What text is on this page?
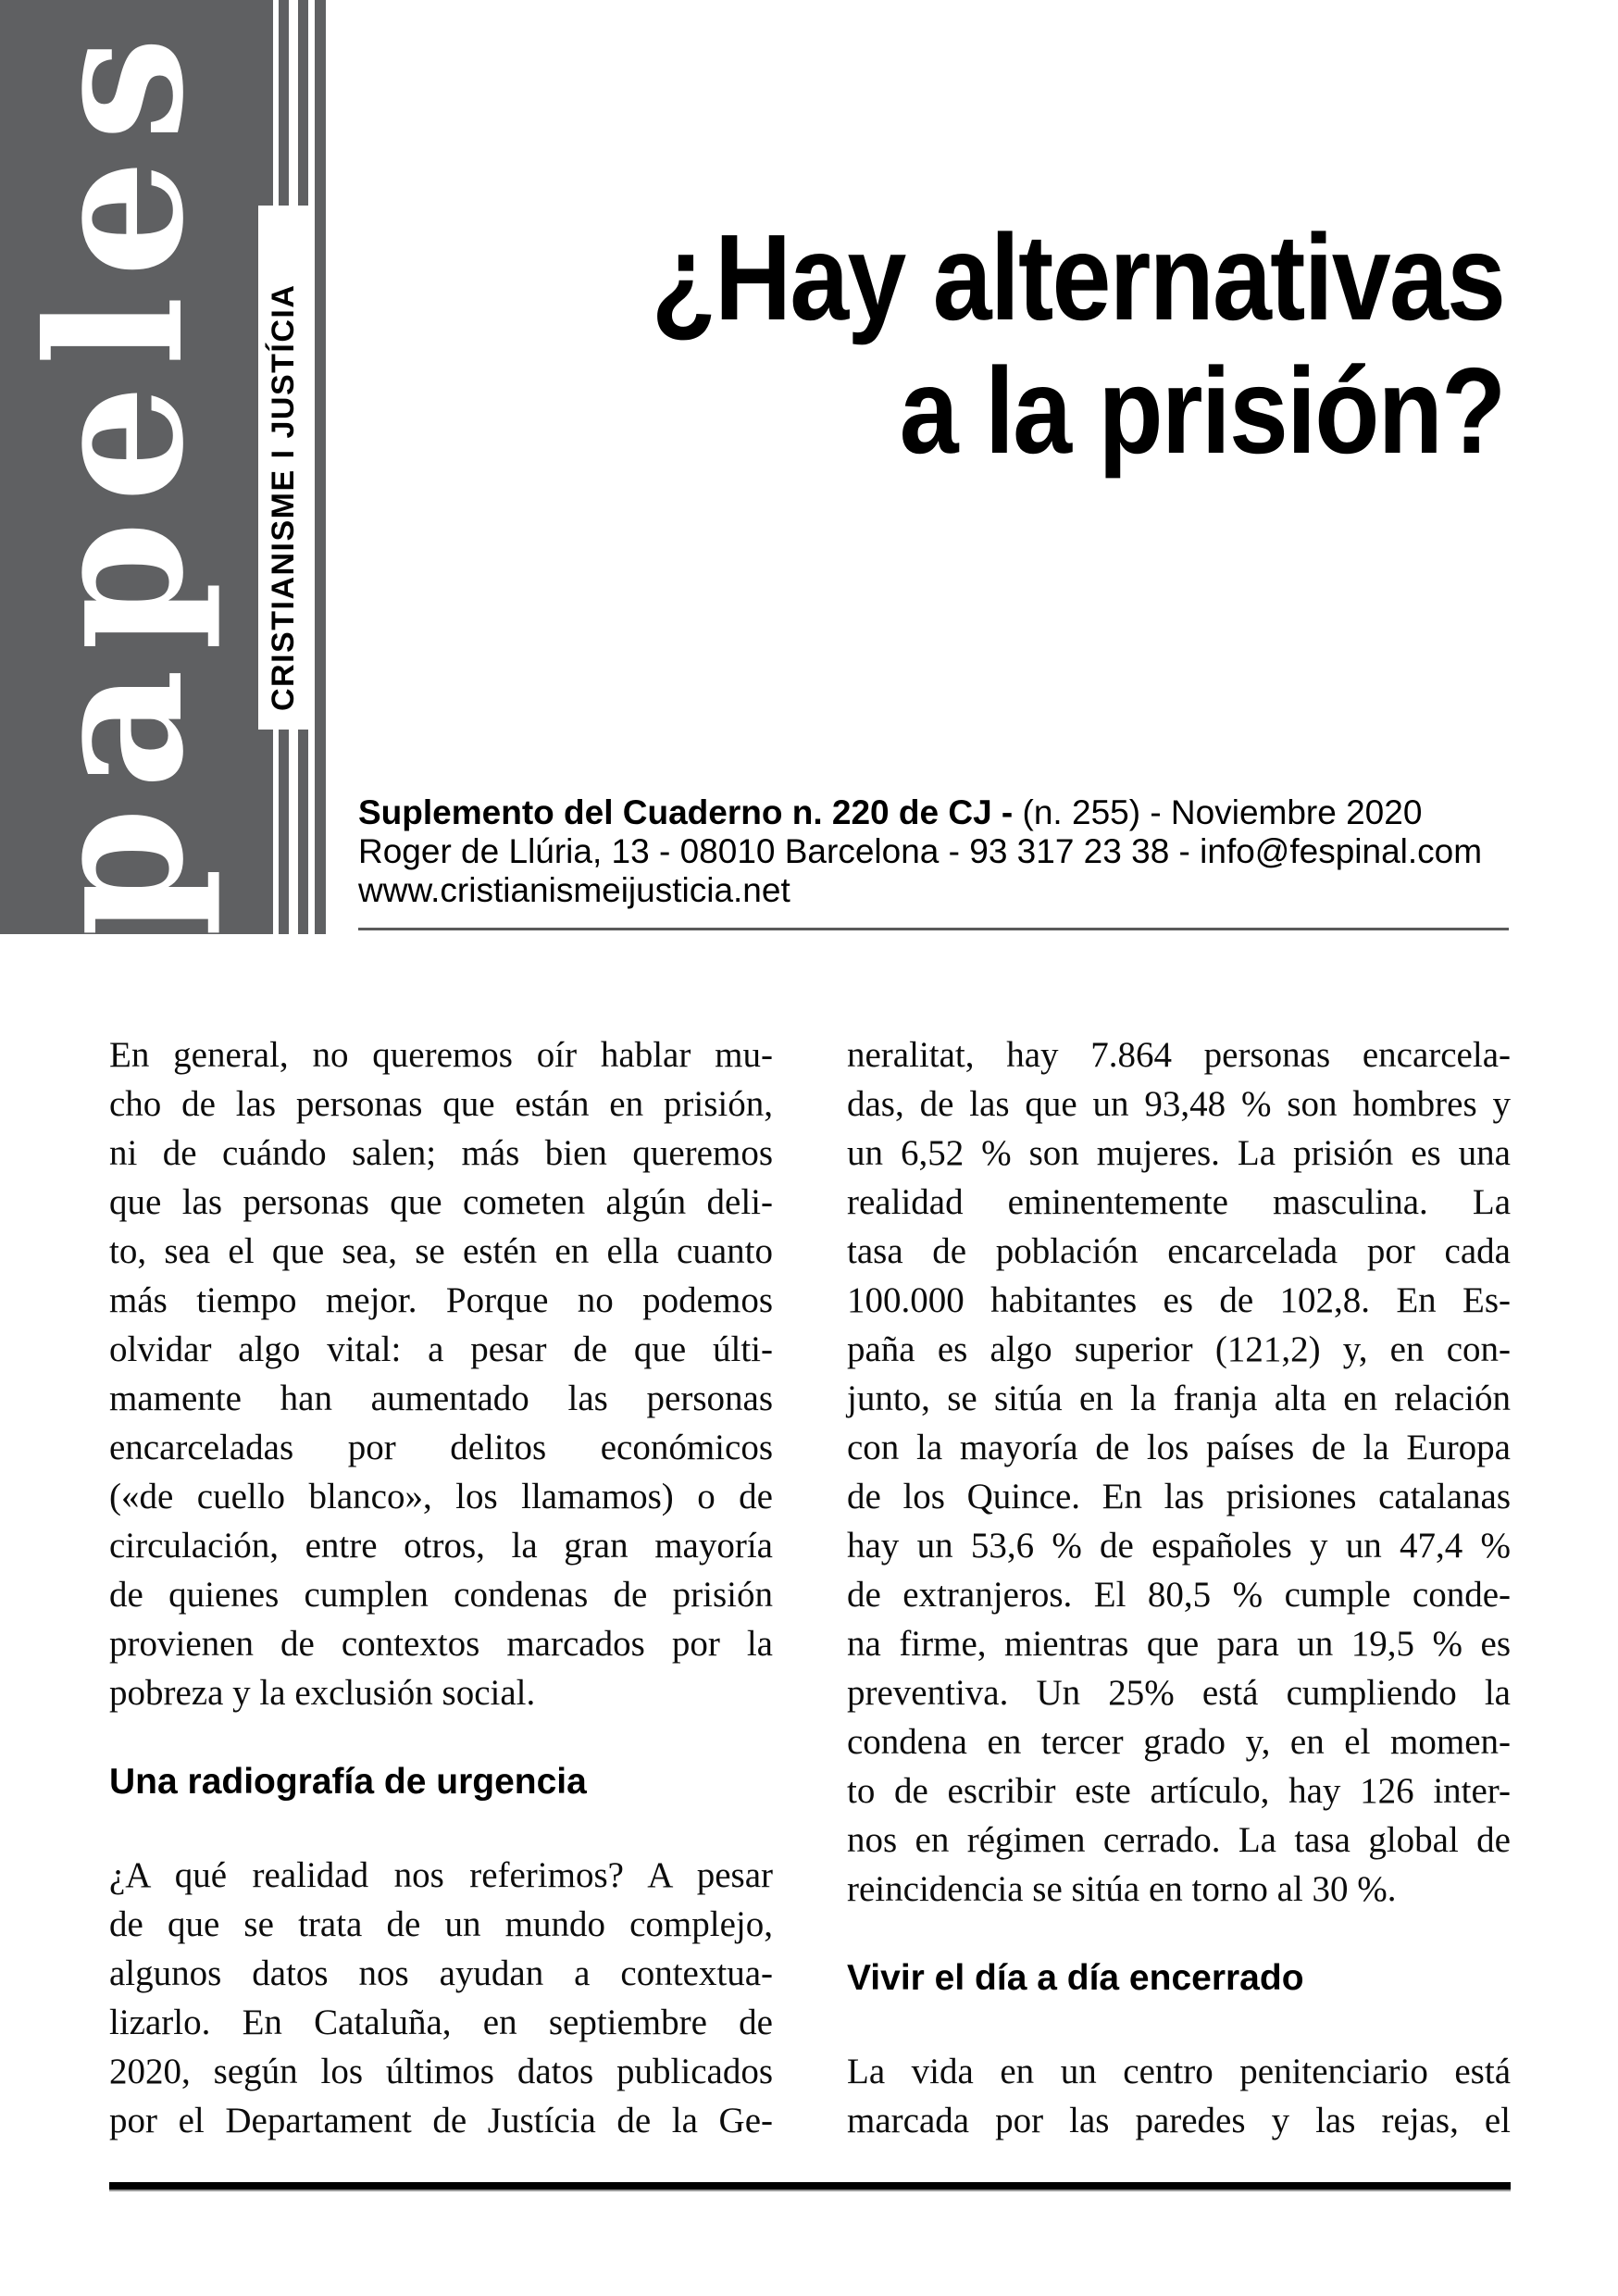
papeles CRISTIANISME I JUSTÍCIA
¿Hay alternativas
a la prisión?
Suplemento del Cuaderno n. 220 de CJ - (n. 255) - Noviembre 2020
Roger de Llúria, 13 - 08010 Barcelona - 93 317 23 38 - info@fespinal.com
www.cristianismeijusticia.net
En general, no queremos oír hablar mu-
cho de las personas que están en prisión,
ni de cuándo salen; más bien queremos
que las personas que cometen algún deli-
to, sea el que sea, se estén en ella cuanto
más tiempo mejor. Porque no podemos
olvidar algo vital: a pesar de que últi-
mamente han aumentado las personas
encarceladas por delitos económicos
(«de cuello blanco», los llamamos) o de
circulación, entre otros, la gran mayoría
de quienes cumplen condenas de prisión
provienen de contextos marcados por la
pobreza y la exclusión social.
Una radiografía de urgencia
¿A qué realidad nos referimos? A pesar
de que se trata de un mundo complejo,
algunos datos nos ayudan a contextua-
lizarlo. En Cataluña, en septiembre de
2020, según los últimos datos publicados
por el Departament de Justícia de la Ge-
neralitat, hay 7.864 personas encarcela-
das, de las que un 93,48 % son hombres y
un 6,52 % son mujeres. La prisión es una
realidad eminentemente masculina. La
tasa de población encarcelada por cada
100.000 habitantes es de 102,8. En Es-
paña es algo superior (121,2) y, en con-
junto, se sitúa en la franja alta en relación
con la mayoría de los países de la Europa
de los Quince. En las prisiones catalanas
hay un 53,6 % de españoles y un 47,4 %
de extranjeros. El 80,5 % cumple conde-
na firme, mientras que para un 19,5 % es
preventiva. Un 25% está cumpliendo la
condena en tercer grado y, en el momen-
to de escribir este artículo, hay 126 inter-
nos en régimen cerrado. La tasa global de
reincidencia se sitúa en torno al 30 %.
Vivir el día a día encerrado
La vida en un centro penitenciario está
marcada por las paredes y las rejas, el
